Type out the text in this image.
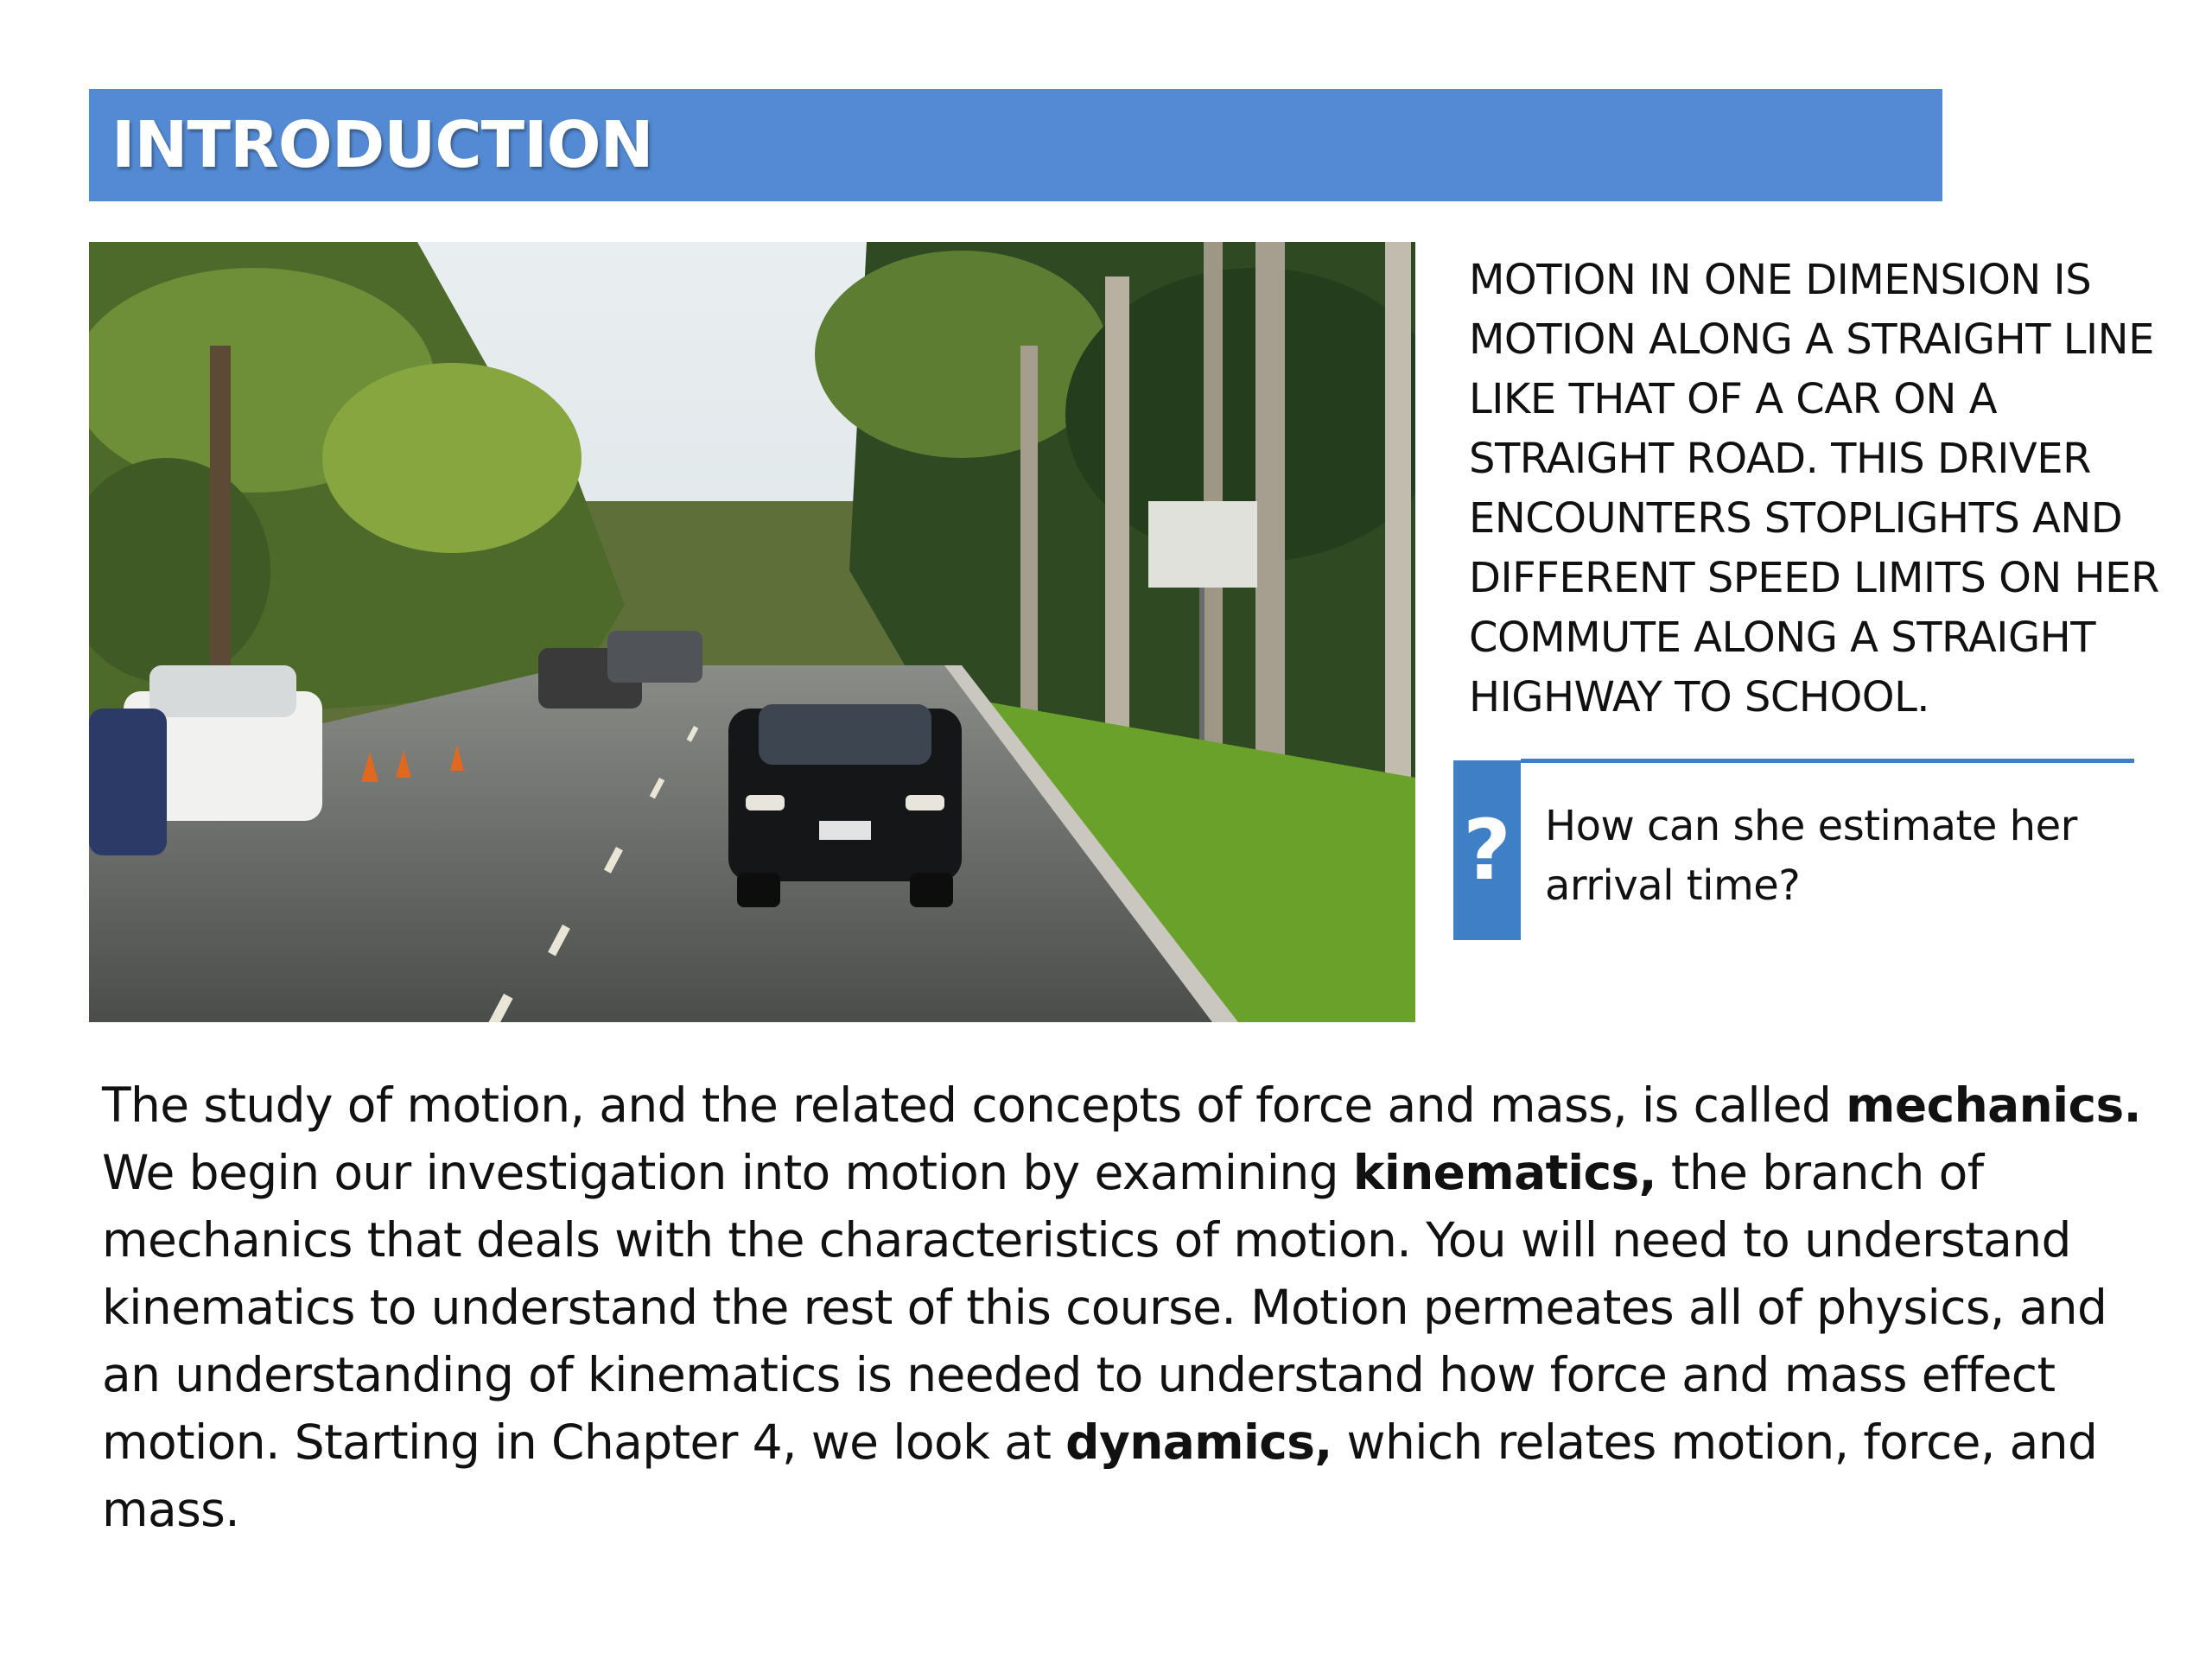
INTRODUCTION
MOTION IN ONE DIMENSION IS
MOTION ALONG A STRAIGHT LINE
LIKE THAT OF A CAR ON A
STRAIGHT ROAD. THIS DRIVER
ENCOUNTERS STOPLIGHTS AND
DIFFERENT SPEED LIMITS ON HER
COMMUTE ALONG A STRAIGHT
HIGHWAY TO SCHOOL.
? How can she estimate her
arrival time?
The study of motion, and the related concepts of force and mass, is called mechanics.
We begin our investigation into motion by examining kinematics, the branch of mechanics that deals with the characteristics of motion. You will need to understand kinematics to understand the rest of this course. Motion permeates all of physics, and an understanding of kinematics is needed to understand how force and mass effect motion. Starting in Chapter 4, we look at dynamics, which relates motion, force, and mass.
